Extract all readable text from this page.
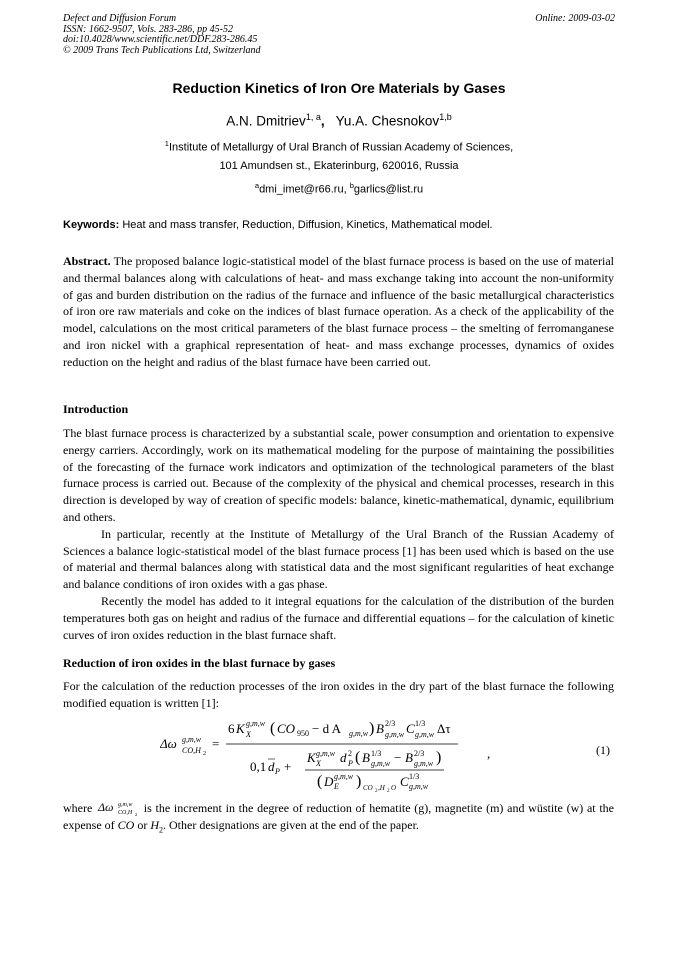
Defect and Diffusion Forum
ISSN: 1662-9507, Vols. 283-286, pp 45-52
doi:10.4028/www.scientific.net/DDF.283-286.45
© 2009 Trans Tech Publications Ltd, Switzerland
Online: 2009-03-02
Reduction Kinetics of Iron Ore Materials by Gases
A.N. Dmitriev$^{1, a}$, Yu.A. Chesnokov$^{1,b}$
$^1$Institute of Metallurgy of Ural Branch of Russian Academy of Sciences,
101 Amundsen st., Ekaterinburg, 620016, Russia
$^a$dmi_imet@r66.ru, $^b$garlics@list.ru
Keywords: Heat and mass transfer, Reduction, Diffusion, Kinetics, Mathematical model.

Abstract. The proposed balance logic-statistical model of the blast furnace process is based on the use of material and thermal balances along with calculations of heat- and mass exchange taking into account the non-uniformity of gas and burden distribution on the radius of the furnace and influence of the basic metallurgical characteristics of iron ore raw materials and coke on the indices of blast furnace operation. As a check of the applicability of the model, calculations on the most critical parameters of the blast furnace process – the smelting of ferromanganese and iron nickel with a graphical representation of heat- and mass exchange processes, dynamics of oxides reduction on the height and radius of the blast furnace have been carried out.

Introduction

The blast furnace process is characterized by a substantial scale, power consumption and orientation to expensive energy carriers. Accordingly, work on its mathematical modeling for the purpose of maintaining the possibilities of the forecasting of the furnace work indicators and optimization of the technological parameters of the blast furnace process is carried out. Because of the complexity of the physical and chemical processes, research in this direction is developed by way of creation of specific models: balance, kinetic-mathematical, dynamic, equilibrium and others.

In particular, recently at the Institute of Metallurgy of the Ural Branch of the Russian Academy of Sciences a balance logic-statistical model of the blast furnace process [1] has been used which is based on the use of material and thermal balances along with statistical data and the most significant regularities of heat exchange and balance conditions of iron oxides with a gas phase.

Recently the model has added to it integral equations for the calculation of the distribution of the burden temperatures both gas on height and radius of the furnace and differential equations – for the calculation of kinetic curves of iron oxides reduction in the blast furnace shaft.

Reduction of iron oxides in the blast furnace by gases
For the calculation of the reduction processes of the iron oxides in the dry part of the blast furnace the following modified equation is written [1]:
Δω g,m,w
CO,H 2
=
6 K g,m,w
X ( CO 950 − d A g,m,w ) B 2/3
g,m,w C 1/3
g,m,w Δτ
0,1 d P +
K g,m,w
X d 2
P ( B 1/3
g,m,w − B 2/3
g,m,w )
( D g,m,w
E ) CO 2 ,H 2 O C 1/3
g,m,w
,	(1)
where Δω g,m,w
CO,H 2 is the increment in the degree of reduction of hematite (g), magnetite (m) and wüstite (w) at the expense of CO or $H_2$. Other designations are given at the end of the paper.
